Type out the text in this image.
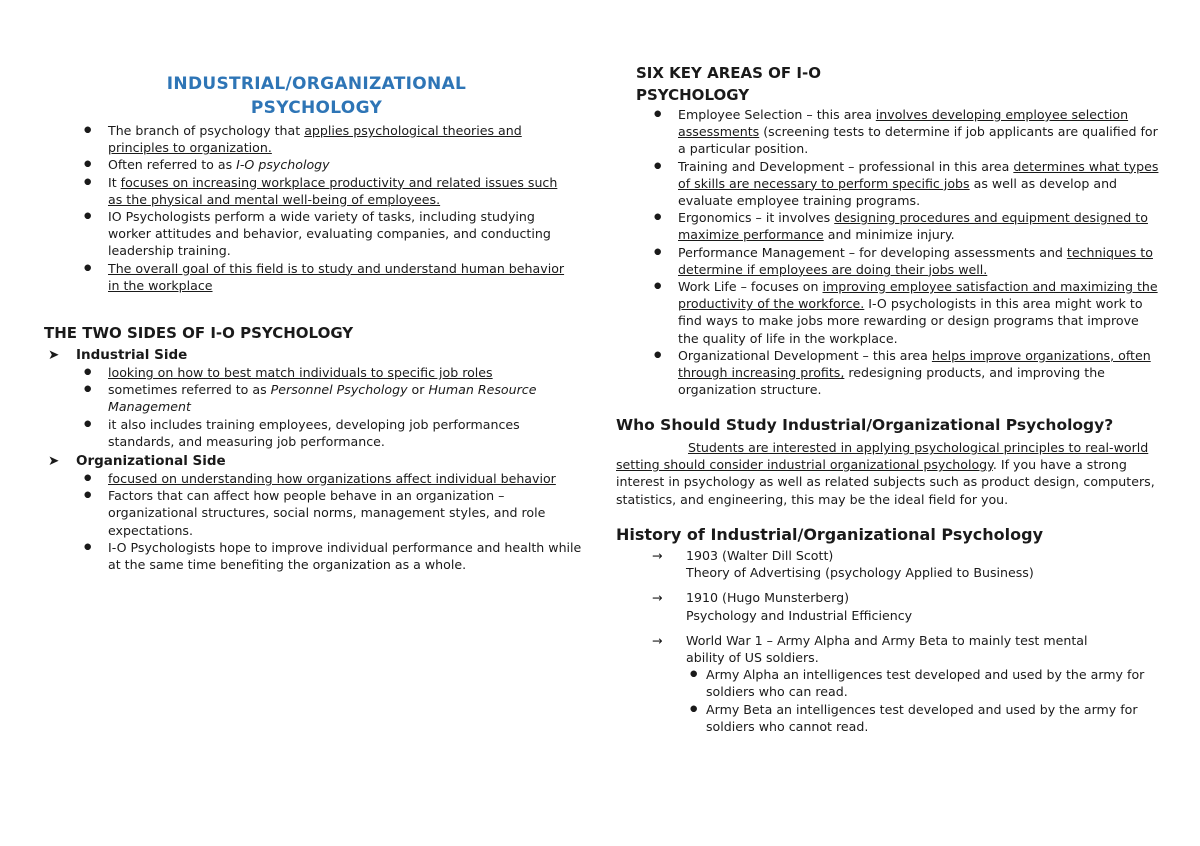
INDUSTRIAL/ORGANIZATIONAL
PSYCHOLOGY
● The branch of psychology that applies psychological theories and principles to organization.
● Often referred to as I-O psychology
● It focuses on increasing workplace productivity and related issues such as the physical and mental well-being of employees.
● IO Psychologists perform a wide variety of tasks, including studying worker attitudes and behavior, evaluating companies, and conducting leadership training.
● The overall goal of this field is to study and understand human behavior in the workplace
THE TWO SIDES OF I-O PSYCHOLOGY
➤ Industrial Side
● looking on how to best match individuals to specific job roles
● sometimes referred to as Personnel Psychology or Human Resource Management
● it also includes training employees, developing job performances standards, and measuring job performance.
➤ Organizational Side
● focused on understanding how organizations affect individual behavior
● Factors that can affect how people behave in an organization – organizational structures, social norms, management styles, and role expectations.
● I-O Psychologists hope to improve individual performance and health while at the same time benefiting the organization as a whole.
SIX KEY AREAS OF I-O
PSYCHOLOGY
● Employee Selection – this area involves developing employee selection assessments (screening tests to determine if job applicants are qualified for a particular position.
● Training and Development – professional in this area determines what types of skills are necessary to perform specific jobs as well as develop and evaluate employee training programs.
● Ergonomics – it involves designing procedures and equipment designed to maximize performance and minimize injury.
● Performance Management – for developing assessments and techniques to determine if employees are doing their jobs well.
● Work Life – focuses on improving employee satisfaction and maximizing the productivity of the workforce. I-O psychologists in this area might work to find ways to make jobs more rewarding or design programs that improve the quality of life in the workplace.
● Organizational Development – this area helps improve organizations, often through increasing profits, redesigning products, and improving the organization structure.
Who Should Study Industrial/Organizational Psychology?
Students are interested in applying psychological principles to real-world setting should consider industrial organizational psychology. If you have a strong interest in psychology as well as related subjects such as product design, computers, statistics, and engineering, this may be the ideal field for you.
History of Industrial/Organizational Psychology
→ 1903 (Walter Dill Scott)
Theory of Advertising (psychology Applied to Business)
→ 1910 (Hugo Munsterberg)
Psychology and Industrial Efficiency
→ World War 1 – Army Alpha and Army Beta to mainly test mental ability of US soldiers.
● Army Alpha an intelligences test developed and used by the army for soldiers who can read.
● Army Beta an intelligences test developed and used by the army for soldiers who cannot read.
